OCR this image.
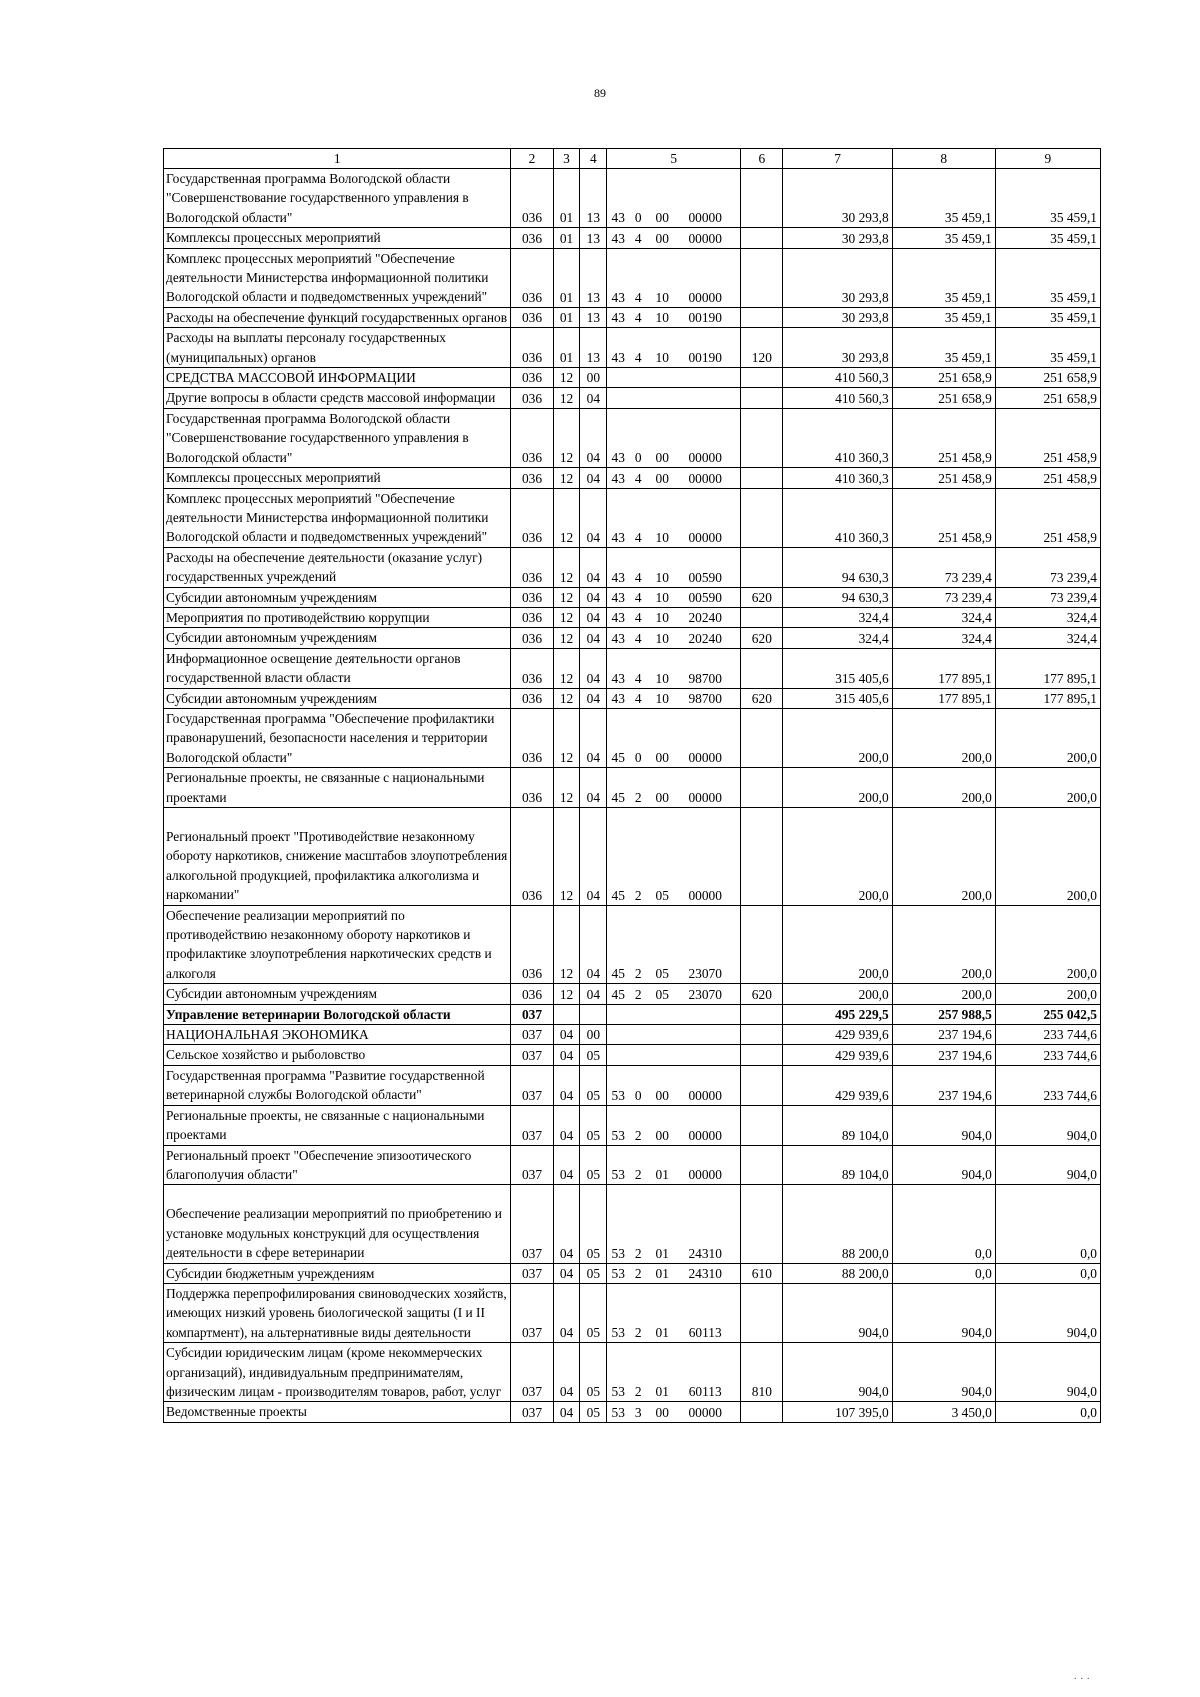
89
1	2	3	4	5	6	7	8	9
Государственная программа Вологодской области "Совершенствование государственного управления в Вологодской области"	036	01	13	43 0 00 00000		30 293,8	35 459,1	35 459,1
Комплексы процессных мероприятий	036	01	13	43 4 00 00000		30 293,8	35 459,1	35 459,1
Комплекс процессных мероприятий "Обеспечение деятельности Министерства информационной политики Вологодской области и подведомственных учреждений"	036	01	13	43 4 10 00000		30 293,8	35 459,1	35 459,1
Расходы на обеспечение функций государственных органов	036	01	13	43 4 10 00190		30 293,8	35 459,1	35 459,1
Расходы на выплаты персоналу государственных (муниципальных) органов	036	01	13	43 4 10 00190	120	30 293,8	35 459,1	35 459,1
СРЕДСТВА МАССОВОЙ ИНФОРМАЦИИ	036	12	00			410 560,3	251 658,9	251 658,9
Другие вопросы в области средств массовой информации	036	12	04			410 560,3	251 658,9	251 658,9
Государственная программа Вологодской области "Совершенствование государственного управления в Вологодской области"	036	12	04	43 0 00 00000		410 360,3	251 458,9	251 458,9
Комплексы процессных мероприятий	036	12	04	43 4 00 00000		410 360,3	251 458,9	251 458,9
Комплекс процессных мероприятий "Обеспечение деятельности Министерства информационной политики Вологодской области и подведомственных учреждений"	036	12	04	43 4 10 00000		410 360,3	251 458,9	251 458,9
Расходы на обеспечение деятельности (оказание услуг) государственных учреждений	036	12	04	43 4 10 00590		94 630,3	73 239,4	73 239,4
Субсидии автономным учреждениям	036	12	04	43 4 10 00590	620	94 630,3	73 239,4	73 239,4
Мероприятия по противодействию коррупции	036	12	04	43 4 10 20240		324,4	324,4	324,4
Субсидии автономным учреждениям	036	12	04	43 4 10 20240	620	324,4	324,4	324,4
Информационное освещение деятельности органов государственной власти области	036	12	04	43 4 10 98700		315 405,6	177 895,1	177 895,1
Субсидии автономным учреждениям	036	12	04	43 4 10 98700	620	315 405,6	177 895,1	177 895,1
Государственная программа "Обеспечение профилактики правонарушений, безопасности населения и территории Вологодской области"	036	12	04	45 0 00 00000		200,0	200,0	200,0
Региональные проекты, не связанные с национальными проектами	036	12	04	45 2 00 00000		200,0	200,0	200,0
Региональный проект "Противодействие незаконному обороту наркотиков, снижение масштабов злоупотребления алкогольной продукцией, профилактика алкоголизма и наркомании"	036	12	04	45 2 05 00000		200,0	200,0	200,0
Обеспечение реализации мероприятий по противодействию незаконному обороту наркотиков и профилактике злоупотребления наркотических средств и алкоголя	036	12	04	45 2 05 23070		200,0	200,0	200,0
Субсидии автономным учреждениям	036	12	04	45 2 05 23070	620	200,0	200,0	200,0
Управление ветеринарии Вологодской области	037					495 229,5	257 988,5	255 042,5
НАЦИОНАЛЬНАЯ ЭКОНОМИКА	037	04	00			429 939,6	237 194,6	233 744,6
Сельское хозяйство и рыболовство	037	04	05			429 939,6	237 194,6	233 744,6
Государственная программа "Развитие государственной ветеринарной службы Вологодской области"	037	04	05	53 0 00 00000		429 939,6	237 194,6	233 744,6
Региональные проекты, не связанные с национальными проектами	037	04	05	53 2 00 00000		89 104,0	904,0	904,0
Региональный проект "Обеспечение эпизоотического благополучия области"	037	04	05	53 2 01 00000		89 104,0	904,0	904,0
Обеспечение реализации мероприятий по приобретению и установке модульных конструкций для осуществления деятельности в сфере ветеринарии	037	04	05	53 2 01 24310		88 200,0	0,0	0,0
Субсидии бюджетным учреждениям	037	04	05	53 2 01 24310	610	88 200,0	0,0	0,0
Поддержка перепрофилирования свиноводческих хозяйств, имеющих низкий уровень биологической защиты (I и II компартмент), на альтернативные виды деятельности	037	04	05	53 2 01 60113		904,0	904,0	904,0
Субсидии юридическим лицам (кроме некоммерческих организаций), индивидуальным предпринимателям, физическим лицам - производителям товаров, работ, услуг	037	04	05	53 2 01 60113	810	904,0	904,0	904,0
Ведомственные проекты	037	04	05	53 3 00 00000		107 395,0	3 450,0	0,0
· · ·
